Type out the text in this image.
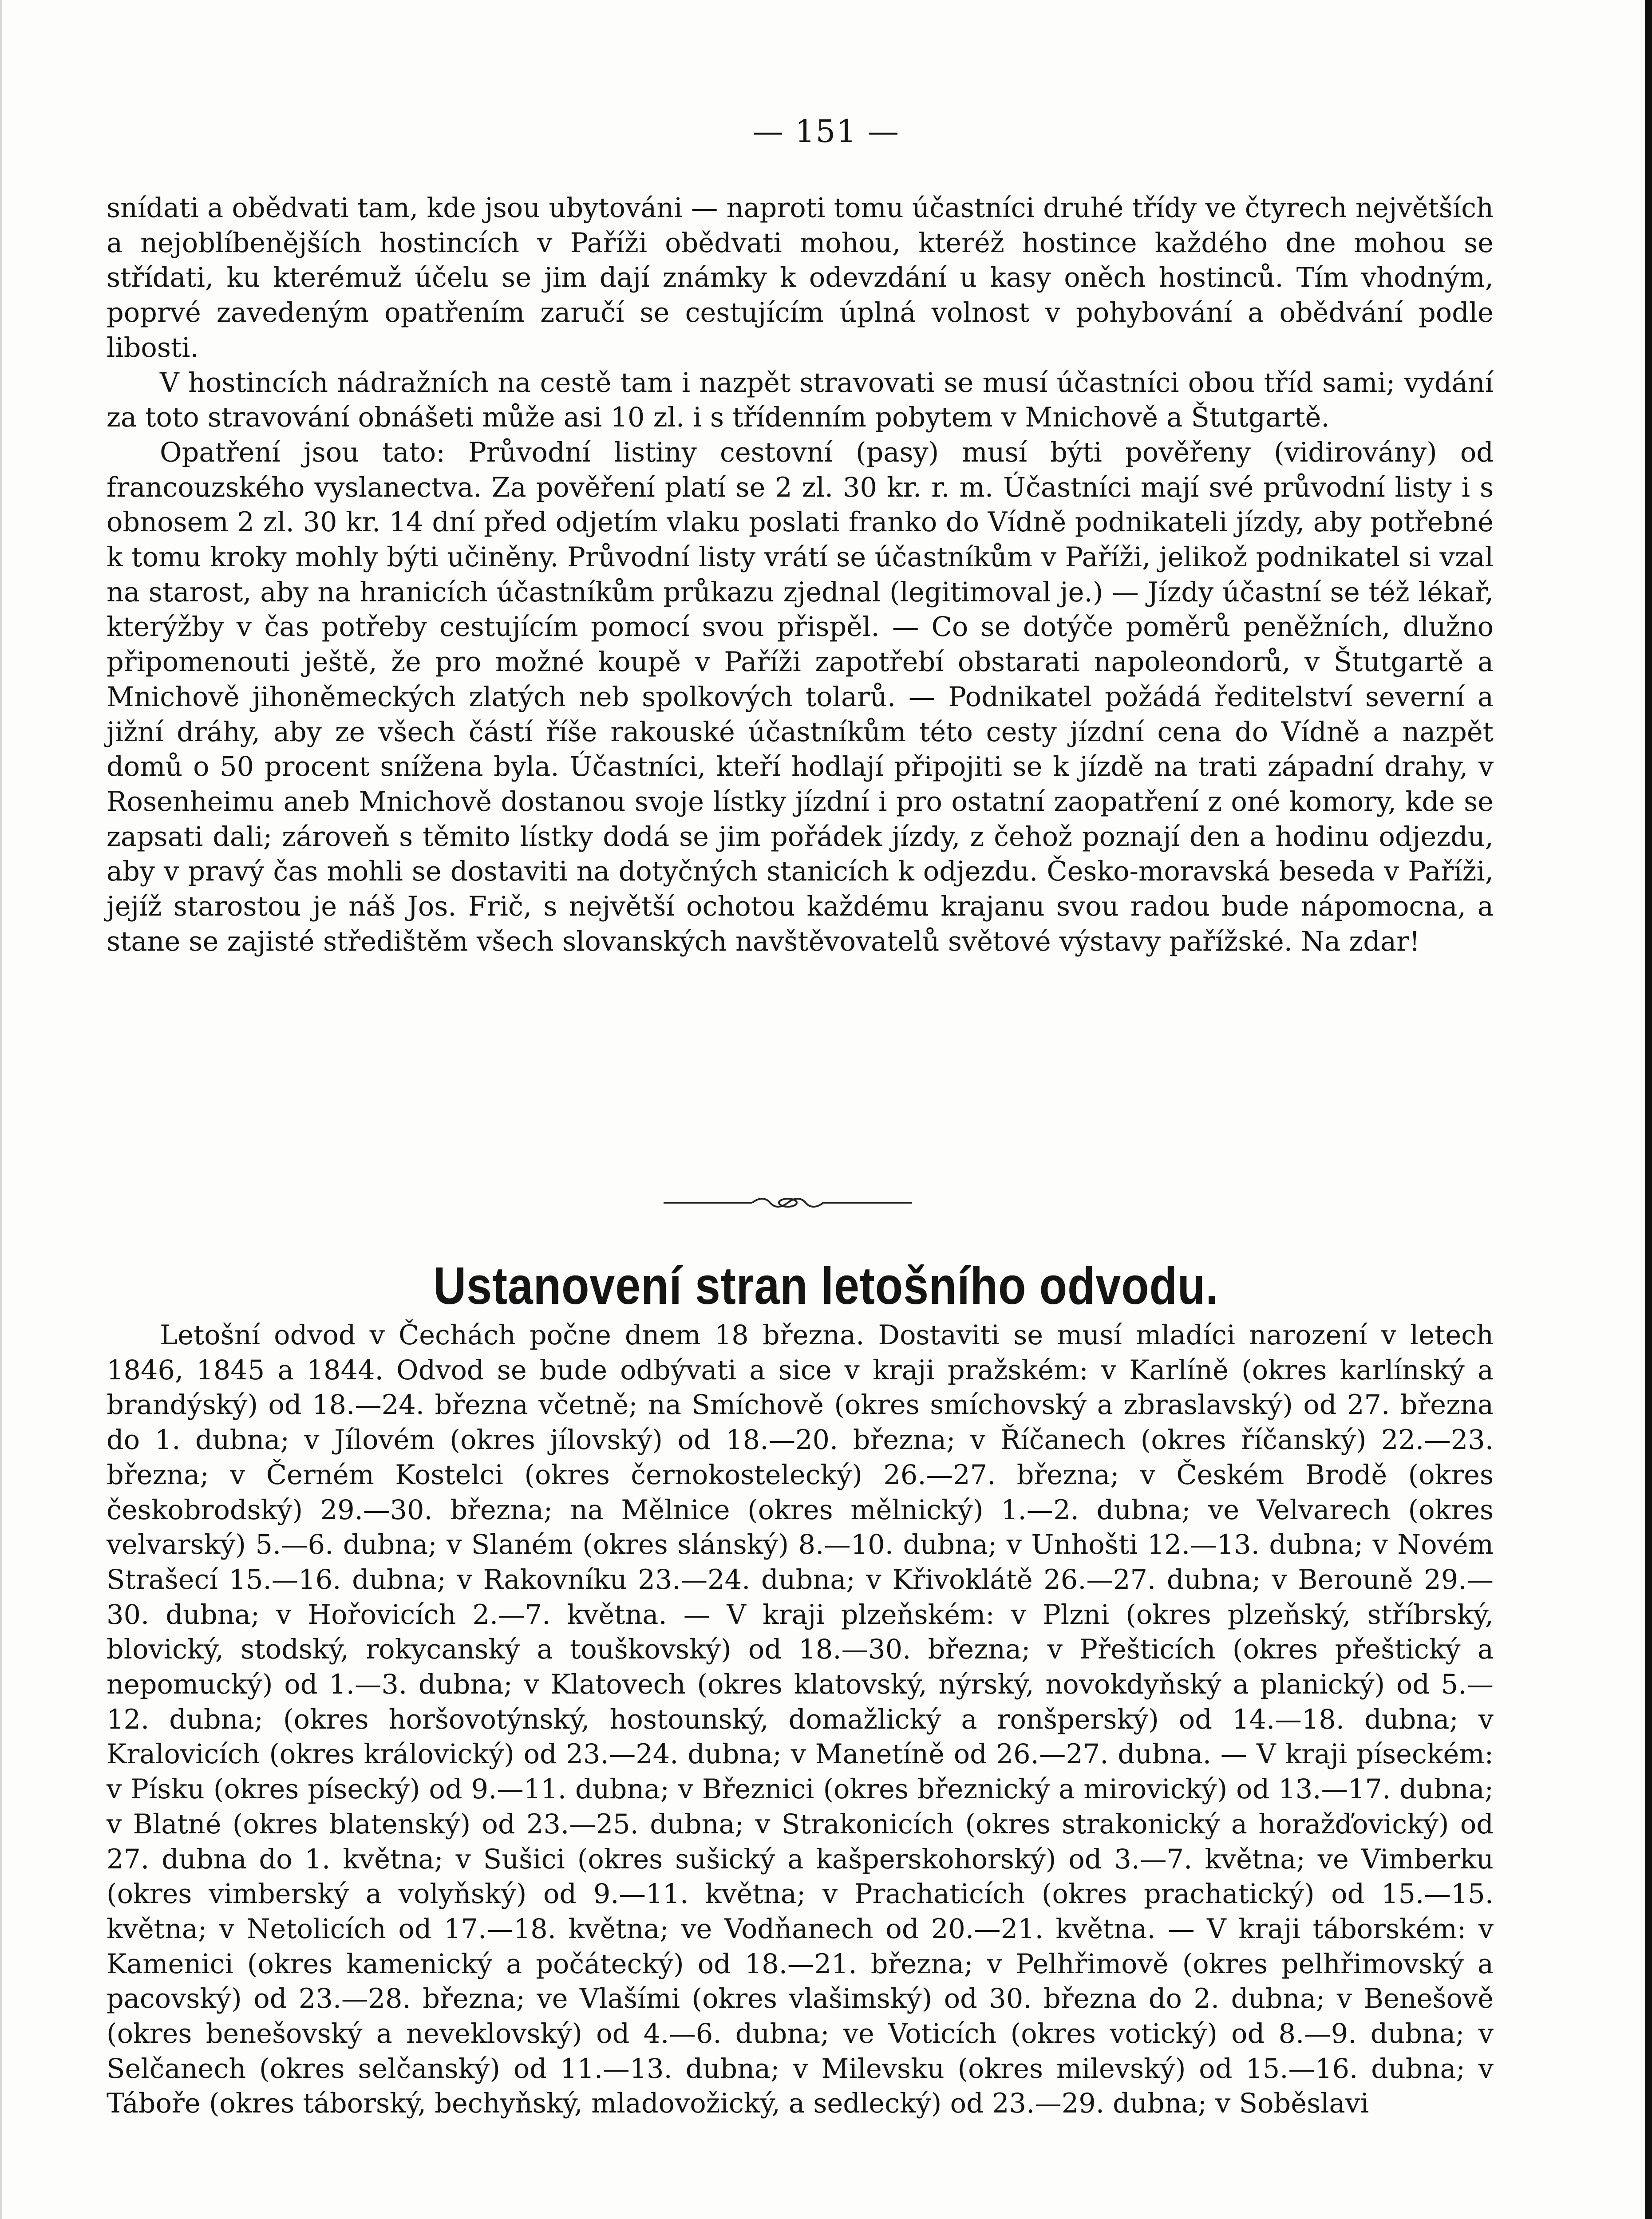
— 151 —

snídati a obědvati tam, kde jsou ubytováni — naproti tomu účastníci druhé třídy ve čtyrech největších a nejoblíbenějších hostincích v Paříži obědvati mohou, kteréž hostince každého dne mohou se střídati, ku kterémuž účelu se jim dají známky k odevzdání u kasy oněch hostinců. Tím vhodným, poprvé zavedeným opatřením zaručí se cestujícím úplná volnost v pohybování a obědvání podle libosti.

V hostincích nádražních na cestě tam i nazpět stravovati se musí účastníci obou tříd sami; vydání za toto stravování obnášeti může asi 10 zl. i s třídenním pobytem v Mnichově a Štutgartě.

Opatření jsou tato: Průvodní listiny cestovní (pasy) musí býti pověřeny (vidirovány) od francouzského vyslanectva. Za pověření platí se 2 zl. 30 kr. r. m. Účastníci mají své průvodní listy i s obnosem 2 zl. 30 kr. 14 dní před odjetím vlaku poslati franko do Vídně podnikateli jízdy, aby potřebné k tomu kroky mohly býti učiněny. Průvodní listy vrátí se účastníkům v Paříži, jelikož podnikatel si vzal na starost, aby na hranicích účastníkům průkazu zjednal (legitimoval je.) — Jízdy účastní se též lékař, kterýžby v čas potřeby cestujícím pomocí svou přispěl. — Co se dotýče poměrů peněžních, dlužno připomenouti ještě, že pro možné koupě v Paříži zapotřebí obstarati napoleondorů, v Štutgartě a Mnichově jihoněmeckých zlatých neb spolkových tolarů. — Podnikatel požádá ředitelství severní a jižní dráhy, aby ze všech částí říše rakouské účastníkům této cesty jízdní cena do Vídně a nazpět domů o 50 procent snížena byla. Účastníci, kteří hodlají připojiti se k jízdě na trati západní drahy, v Rosenheimu aneb Mnichově dostanou svoje lístky jízdní i pro ostatní zaopatření z oné komory, kde se zapsati dali; zároveň s těmito lístky dodá se jim pořádek jízdy, z čehož poznají den a hodinu odjezdu, aby v pravý čas mohli se dostaviti na dotyčných stanicích k odjezdu. Česko-moravská beseda v Paříži, jejíž starostou je náš Jos. Frič, s největší ochotou každému krajanu svou radou bude nápomocna, a stane se zajisté středištěm všech slovanských navštěvovatelů světové výstavy pařížské. Na zdar!

Ustanovení stran letošního odvodu.

Letošní odvod v Čechách počne dnem 18 března. Dostaviti se musí mladíci narození v letech 1846, 1845 a 1844. Odvod se bude odbývati a sice v kraji pražském: v Karlíně (okres karlínský a brandýský) od 18.—24. března včetně; na Smíchově (okres smíchovský a zbraslavský) od 27. března do 1. dubna; v Jílovém (okres jílovský) od 18.—20. března; v Říčanech (okres říčanský) 22.—23. března; v Černém Kostelci (okres černokostelecký) 26.—27. března; v Českém Brodě (okres českobrodský) 29.—30. března; na Mělnice (okres mělnický) 1.—2. dubna; ve Velvarech (okres velvarský) 5.—6. dubna; v Slaném (okres slánský) 8.—10. dubna; v Unhošti 12.—13. dubna; v Novém Strašecí 15.—16. dubna; v Rakovníku 23.—24. dubna; v Křivoklátě 26.—27. dubna; v Berouně 29.—30. dubna; v Hořovicích 2.—7. května. — V kraji plzeňském: v Plzni (okres plzeňský, stříbrský, blovický, stodský, rokycanský a touškovský) od 18.—30. března; v Přešticích (okres přeštický a nepomucký) od 1.—3. dubna; v Klatovech (okres klatovský, nýrský, novokdyňský a planický) od 5.—12. dubna; (okres horšovotýnský, hostounský, domažlický a ronšperský) od 14.—18. dubna; v Kralovicích (okres královický) od 23.—24. dubna; v Manetíně od 26.—27. dubna. — V kraji píseckém: v Písku (okres písecký) od 9.—11. dubna; v Březnici (okres březnický a mirovický) od 13.—17. dubna; v Blatné (okres blatenský) od 23.—25. dubna; v Strakonicích (okres strakonický a horažďovický) od 27. dubna do 1. května; v Sušici (okres sušický a kašperskohorský) od 3.—7. května; ve Vimberku (okres vimberský a volyňský) od 9.—11. května; v Prachaticích (okres prachatický) od 15.—15. května; v Netolicích od 17.—18. května; ve Vodňanech od 20.—21. května. — V kraji táborském: v Kamenici (okres kamenický a počátecký) od 18.—21. března; v Pelhřimově (okres pelhřimovský a pacovský) od 23.—28. března; ve Vlašími (okres vlašimský) od 30. března do 2. dubna; v Benešově (okres benešovský a neveklovský) od 4.—6. dubna; ve Voticích (okres votický) od 8.—9. dubna; v Selčanech (okres selčanský) od 11.—13. dubna; v Milevsku (okres milevský) od 15.—16. dubna; v Táboře (okres táborský, bechyňský, mladovožický, a sedlecký) od 23.—29. dubna; v Soběslavi
